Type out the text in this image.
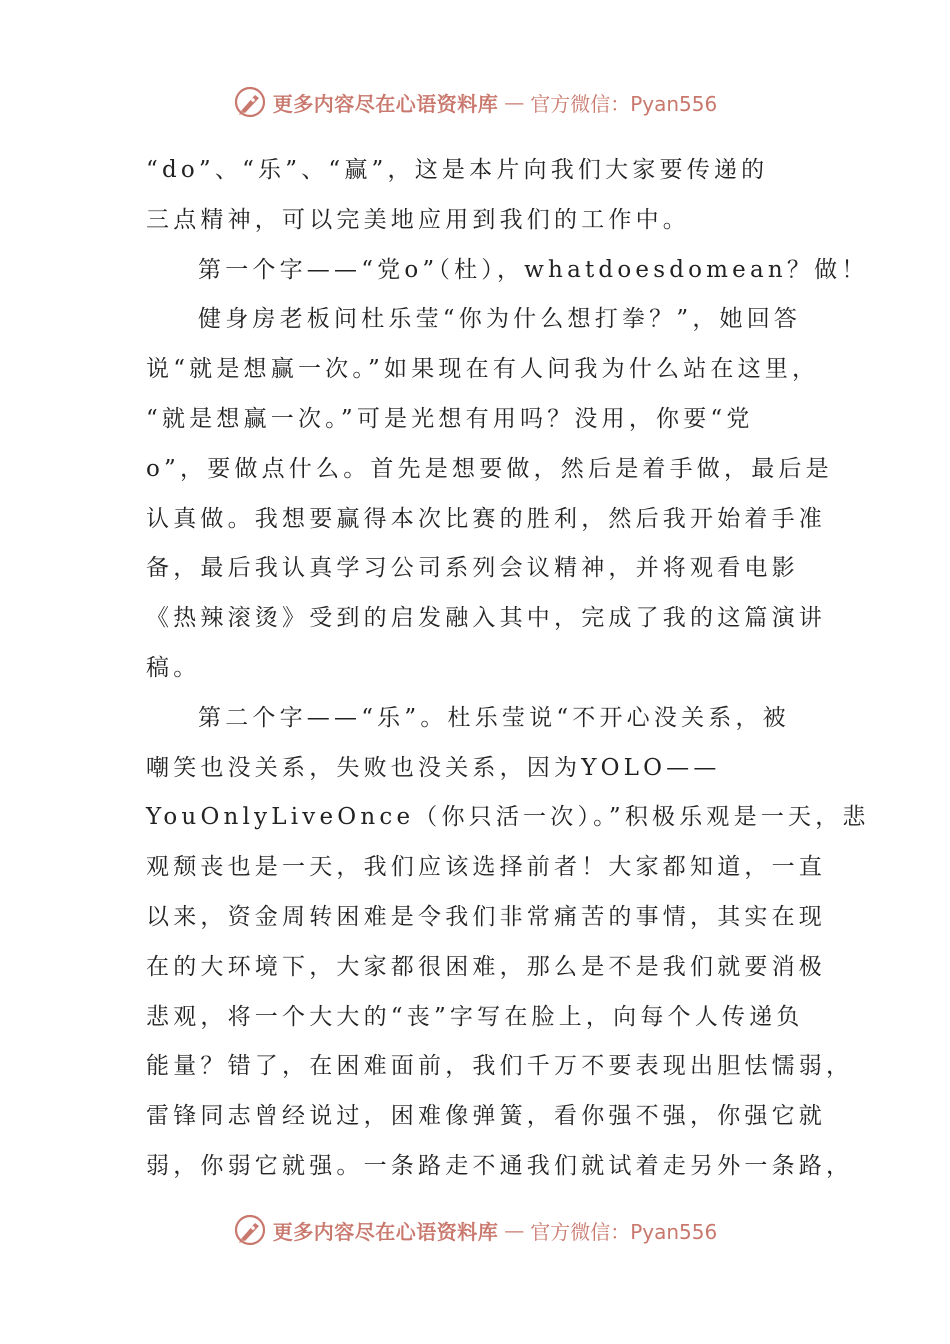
更多内容尽在心语资料库 — 官方微信：Pyan556
“do”、“乐”、“赢”，这是本片向我们大家要传递的
三点精神，可以完美地应用到我们的工作中。
第一个字——“党o”（杜），whatdoesdomean？做！
健身房老板问杜乐莹“你为什么想打拳？”，她回答
说“就是想赢一次。”如果现在有人问我为什么站在这里，
“就是想赢一次。”可是光想有用吗？没用，你要“党
o”，要做点什么。首先是想要做，然后是着手做，最后是
认真做。我想要赢得本次比赛的胜利，然后我开始着手准
备，最后我认真学习公司系列会议精神，并将观看电影
《热辣滚烫》受到的启发融入其中，完成了我的这篇演讲
稿。
第二个字——“乐”。杜乐莹说“不开心没关系，被
嘲笑也没关系，失败也没关系，因为YOLO——
YouOnlyLiveOnce（你只活一次）。”积极乐观是一天，悲
观颓丧也是一天，我们应该选择前者！大家都知道，一直
以来，资金周转困难是令我们非常痛苦的事情，其实在现
在的大环境下，大家都很困难，那么是不是我们就要消极
悲观，将一个大大的“丧”字写在脸上，向每个人传递负
能量？错了，在困难面前，我们千万不要表现出胆怯懦弱，
雷锋同志曾经说过，困难像弹簧，看你强不强，你强它就
弱，你弱它就强。一条路走不通我们就试着走另外一条路，
更多内容尽在心语资料库 — 官方微信：Pyan556
